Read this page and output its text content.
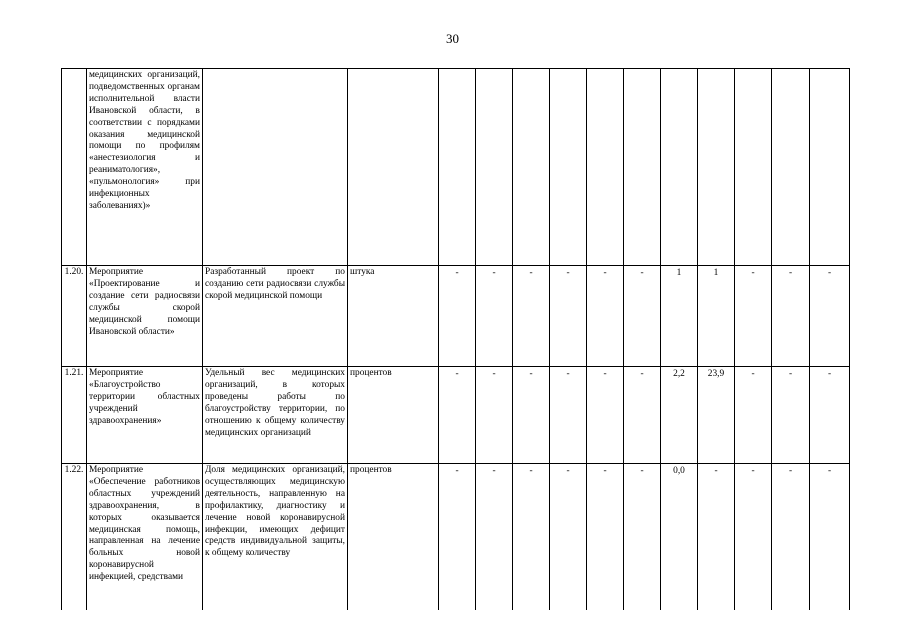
30
	медицинских организаций, подведомственных органам исполнительной власти Ивановской области, в соответствии с порядками оказания медицинской помощи по профилям «анестезиология и реаниматология», «пульмонология» при инфекционных заболеваниях)»													
1.20.	Мероприятие «Проектирование и создание сети радиосвязи службы скорой медицинской помощи Ивановской области»	Разработанный проект по созданию сети радиосвязи службы скорой медицинской помощи	штука	-	-	-	-	-	-	1	1	-	-	-
1.21.	Мероприятие «Благоустройство территории областных учреждений здравоохранения»	Удельный вес медицинских организаций, в которых проведены работы по благоустройству территории, по отношению к общему количеству медицинских организаций	процентов	-	-	-	-	-	-	2,2	23,9	-	-	-
1.22.	Мероприятие «Обеспечение работников областных учреждений здравоохранения, в которых оказывается медицинская помощь, направленная на лечение больных новой коронавирусной инфекцией, средствами	Доля медицинских организаций, осуществляющих медицинскую деятельность, направленную на профилактику, диагностику и лечение новой коронавирусной инфекции, имеющих дефицит средств индивидуальной защиты, к общему количеству	процентов	-	-	-	-	-	-	0,0	-	-	-	-
